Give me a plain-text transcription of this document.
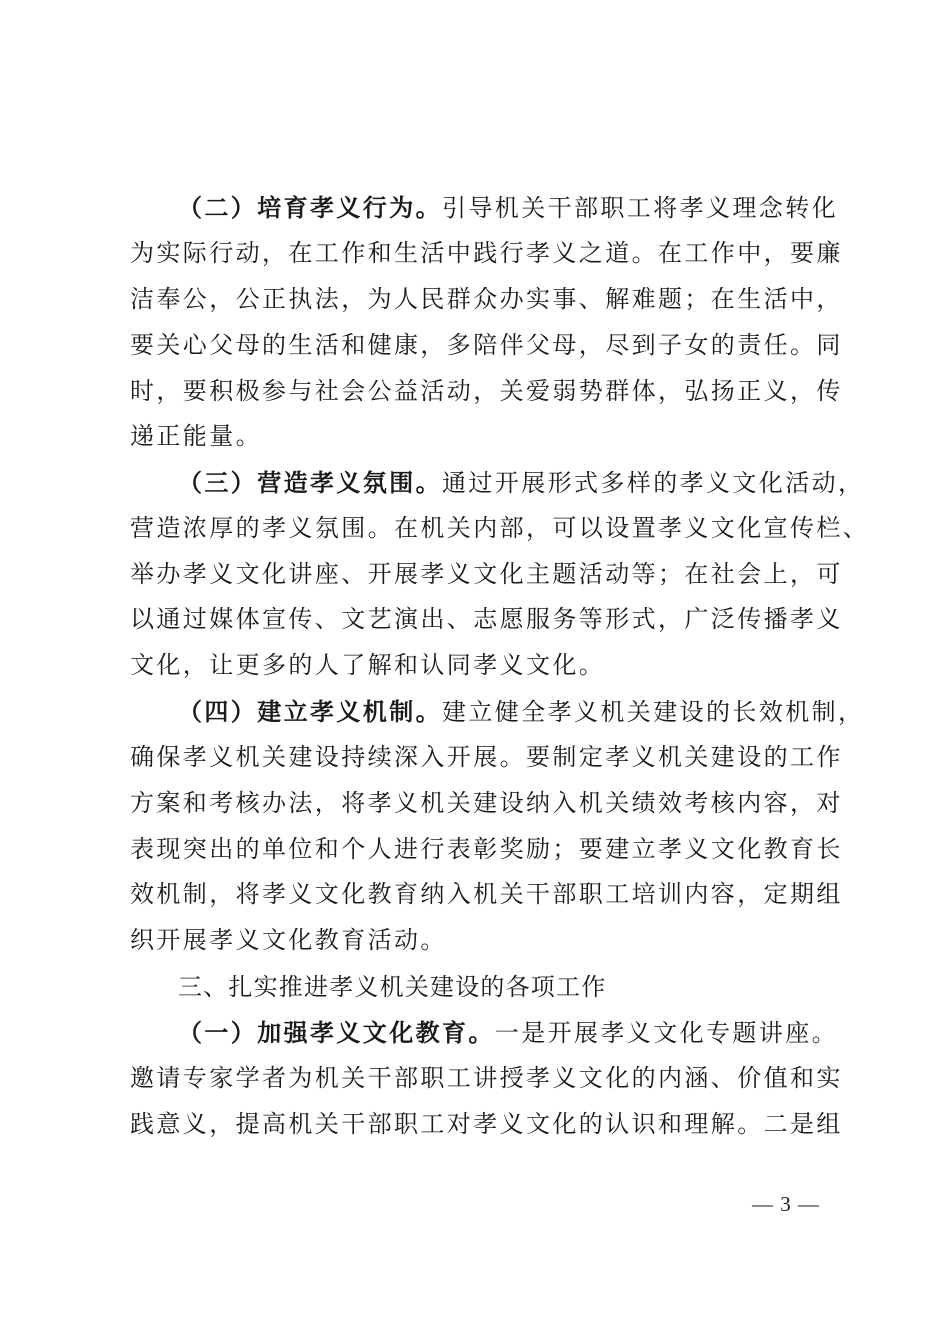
（二）培育孝义行为。引导机关干部职工将孝义理念转化
为实际行动，在工作和生活中践行孝义之道。在工作中，要廉
洁奉公，公正执法，为人民群众办实事、解难题；在生活中，
要关心父母的生活和健康，多陪伴父母，尽到子女的责任。同
时，要积极参与社会公益活动，关爱弱势群体，弘扬正义，传
递正能量。
（三）营造孝义氛围。通过开展形式多样的孝义文化活动，
营造浓厚的孝义氛围。在机关内部，可以设置孝义文化宣传栏、
举办孝义文化讲座、开展孝义文化主题活动等；在社会上，可
以通过媒体宣传、文艺演出、志愿服务等形式，广泛传播孝义
文化，让更多的人了解和认同孝义文化。
（四）建立孝义机制。建立健全孝义机关建设的长效机制，
确保孝义机关建设持续深入开展。要制定孝义机关建设的工作
方案和考核办法，将孝义机关建设纳入机关绩效考核内容，对
表现突出的单位和个人进行表彰奖励；要建立孝义文化教育长
效机制，将孝义文化教育纳入机关干部职工培训内容，定期组
织开展孝义文化教育活动。
三、扎实推进孝义机关建设的各项工作
（一）加强孝义文化教育。一是开展孝义文化专题讲座。
邀请专家学者为机关干部职工讲授孝义文化的内涵、价值和实
践意义，提高机关干部职工对孝义文化的认识和理解。二是组
— 3 —
